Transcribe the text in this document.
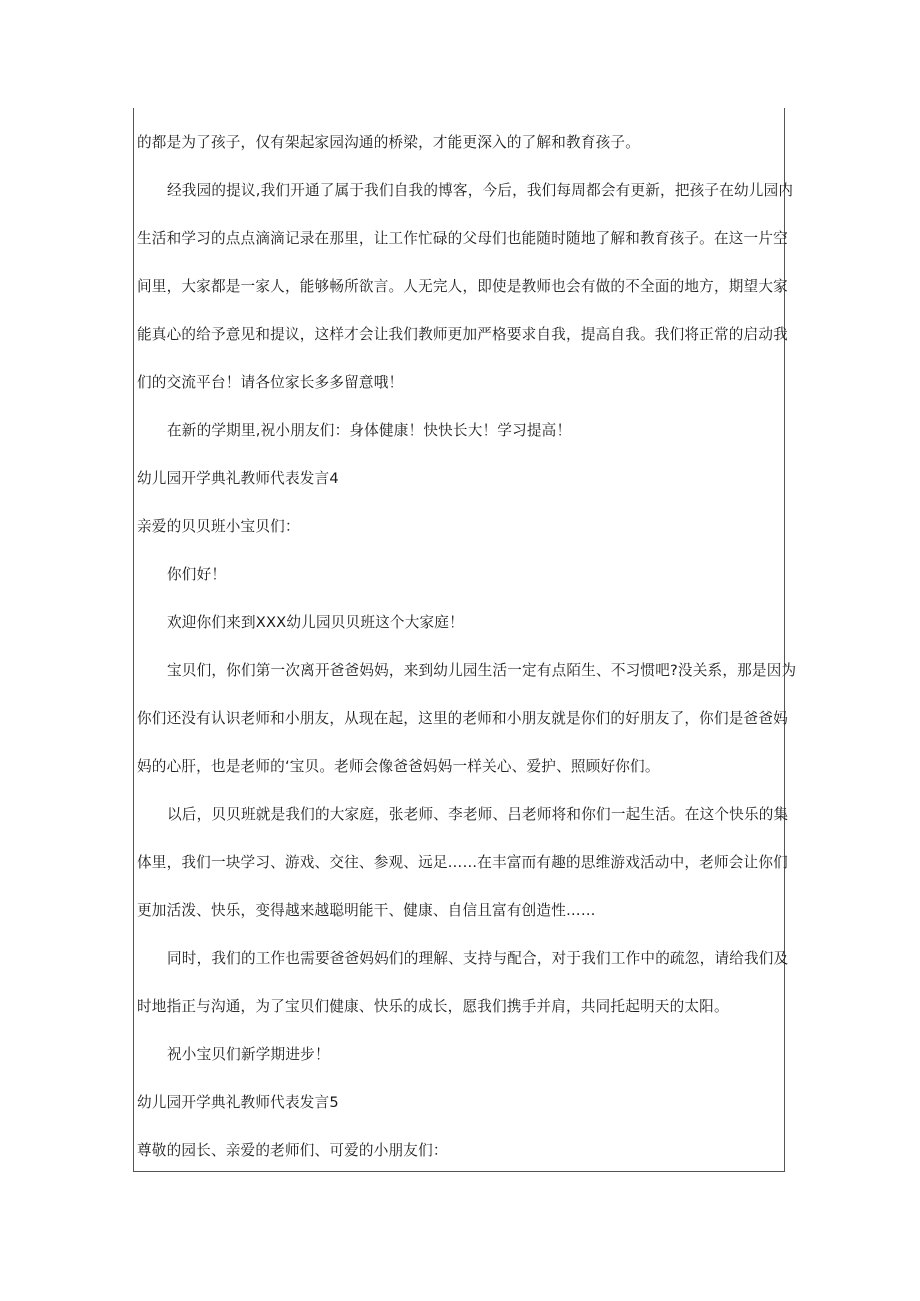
的都是为了孩子，仅有架起家园沟通的桥梁，才能更深入的了解和教育孩子。
经我园的提议,我们开通了属于我们自我的博客，今后，我们每周都会有更新，把孩子在幼儿园内
生活和学习的点点滴滴记录在那里，让工作忙碌的父母们也能随时随地了解和教育孩子。在这一片空
间里，大家都是一家人，能够畅所欲言。人无完人，即使是教师也会有做的不全面的地方，期望大家
能真心的给予意见和提议，这样才会让我们教师更加严格要求自我，提高自我。我们将正常的启动我
们的交流平台！请各位家长多多留意哦！
在新的学期里,祝小朋友们：身体健康！快快长大！学习提高！
幼儿园开学典礼教师代表发言4
亲爱的贝贝班小宝贝们：
你们好！
欢迎你们来到XXX幼儿园贝贝班这个大家庭！
宝贝们，你们第一次离开爸爸妈妈，来到幼儿园生活一定有点陌生、不习惯吧?没关系，那是因为
你们还没有认识老师和小朋友，从现在起，这里的老师和小朋友就是你们的好朋友了，你们是爸爸妈
妈的心肝，也是老师的‘宝贝。老师会像爸爸妈妈一样关心、爱护、照顾好你们。
以后，贝贝班就是我们的大家庭，张老师、李老师、吕老师将和你们一起生活。在这个快乐的集
体里，我们一块学习、游戏、交往、参观、远足……在丰富而有趣的思维游戏活动中，老师会让你们
更加活泼、快乐，变得越来越聪明能干、健康、自信且富有创造性……
同时，我们的工作也需要爸爸妈妈们的理解、支持与配合，对于我们工作中的疏忽，请给我们及
时地指正与沟通，为了宝贝们健康、快乐的成长，愿我们携手并肩，共同托起明天的太阳。
祝小宝贝们新学期进步！
幼儿园开学典礼教师代表发言5
尊敬的园长、亲爱的老师们、可爱的小朋友们：
